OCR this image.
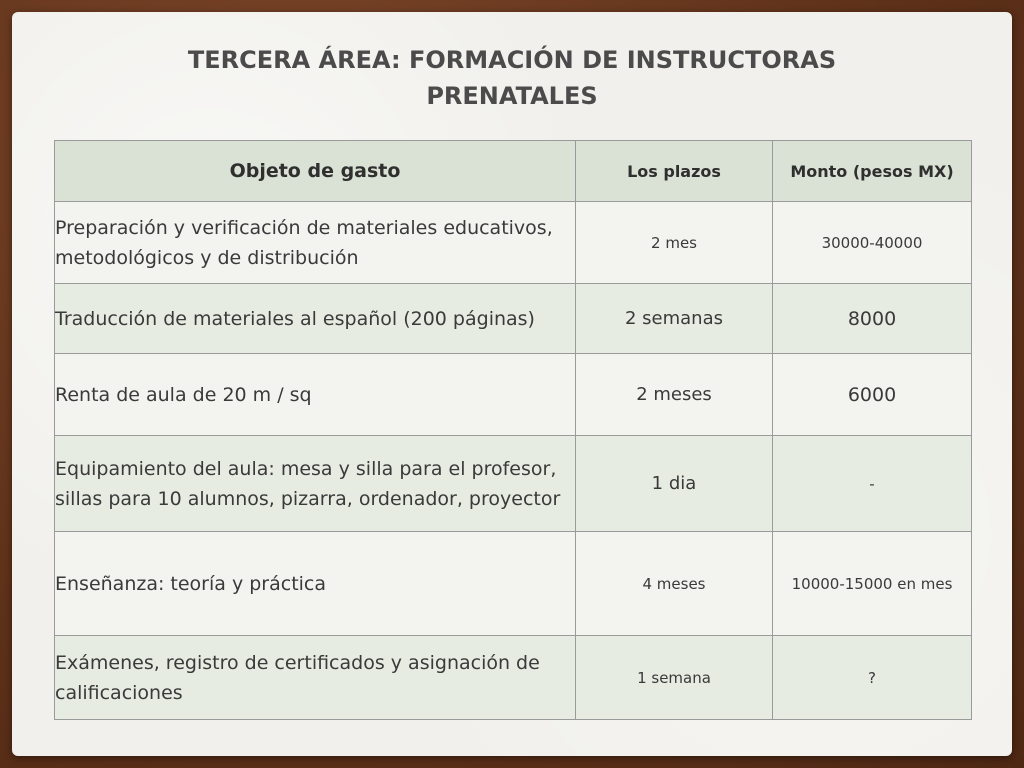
TERCERA ÁREA: FORMACIÓN DE INSTRUCTORAS
PRENATALES
Objeto de gasto	Los plazos	Monto (pesos MX)
Preparación y verificación de materiales educativos, metodológicos y de distribución	2 mes	30000-40000
Traducción de materiales al español (200 páginas)	2 semanas	8000
Renta de aula de 20 m / sq	2 meses	6000
Equipamiento del aula: mesa y silla para el profesor, sillas para 10 alumnos, pizarra, ordenador, proyector	1 dia	-
Enseñanza: teoría y práctica	4 meses	10000-15000 en mes
Exámenes, registro de certificados y asignación de calificaciones	1 semana	?
